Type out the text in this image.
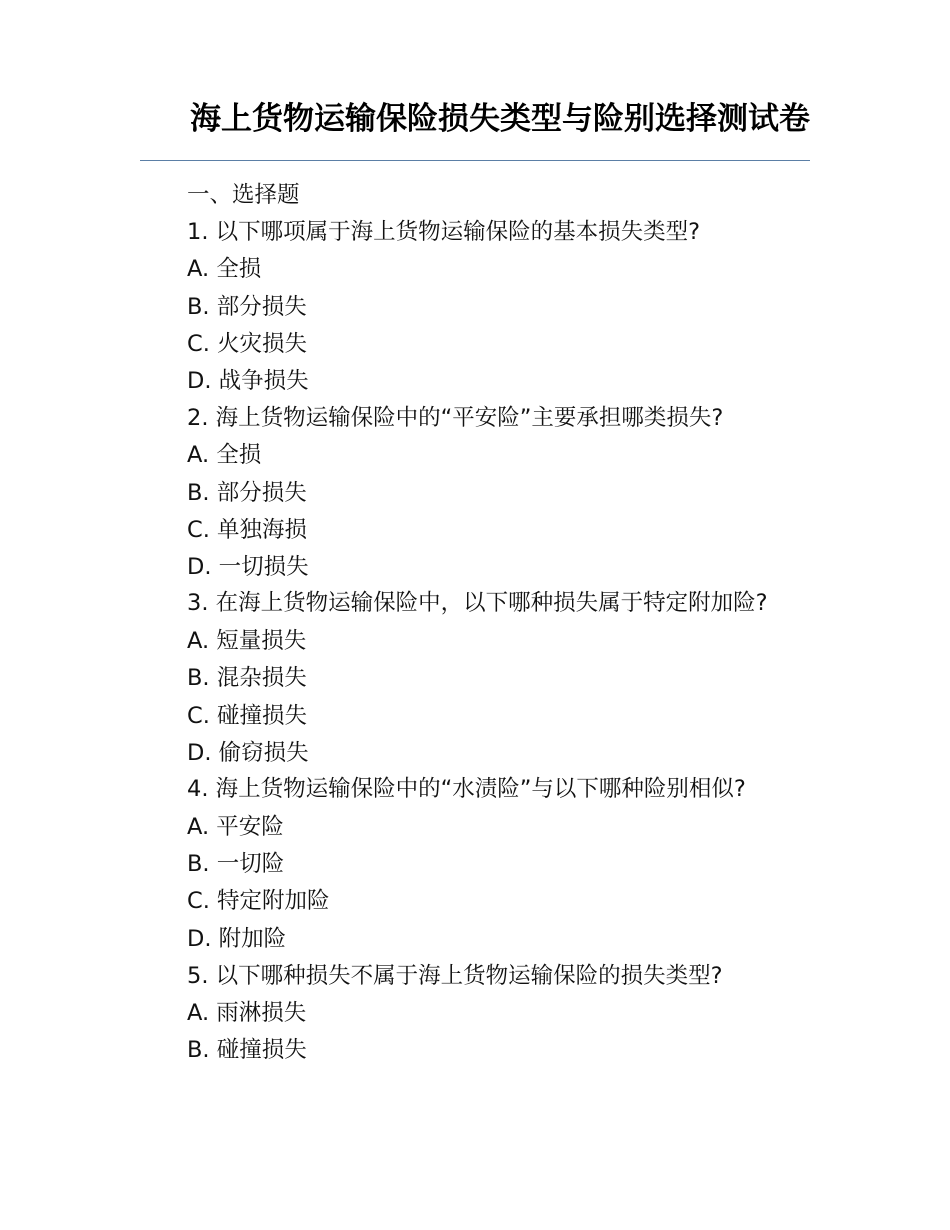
海上货物运输保险损失类型与险别选择测试卷

一、选择题

1. 以下哪项属于海上货物运输保险的基本损失类型?

A. 全损

B. 部分损失

C. 火灾损失

D. 战争损失

2. 海上货物运输保险中的“平安险”主要承担哪类损失?

A. 全损

B. 部分损失

C. 单独海损

D. 一切损失

3. 在海上货物运输保险中，以下哪种损失属于特定附加险?

A. 短量损失

B. 混杂损失

C. 碰撞损失

D. 偷窃损失

4. 海上货物运输保险中的“水渍险”与以下哪种险别相似?

A. 平安险

B. 一切险

C. 特定附加险

D. 附加险

5. 以下哪种损失不属于海上货物运输保险的损失类型?

A. 雨淋损失

B. 碰撞损失
